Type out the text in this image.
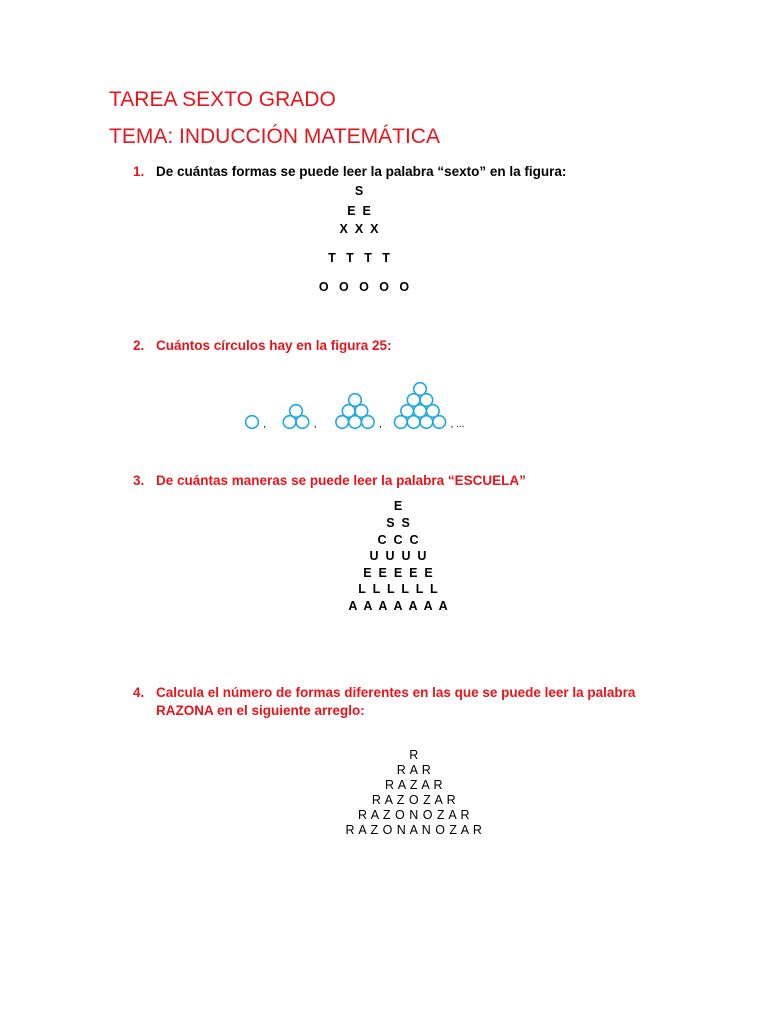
TAREA SEXTO GRADO
TEMA: INDUCCIÓN MATEMÁTICA
1. De cuántas formas se puede leer la palabra “sexto” en la figura:
S
E  E
X  X  X
T   T   T   T
O   O   O   O   O
2. Cuántos círculos hay en la figura 25:
,	,	,	, ...
3. De cuántas maneras se puede leer la palabra “ESCUELA”
E
S  S
C  C  C
U  U  U  U
E  E  E  E  E
L  L  L  L  L  L
A  A  A  A  A  A  A
4. Calcula el número de formas diferentes en las que se puede leer la palabra
RAZONA en el siguiente arreglo:
R
R A R
R A Z A R
R A Z O Z A R
R A Z O N O Z A R
R A Z O N A N O Z A R
